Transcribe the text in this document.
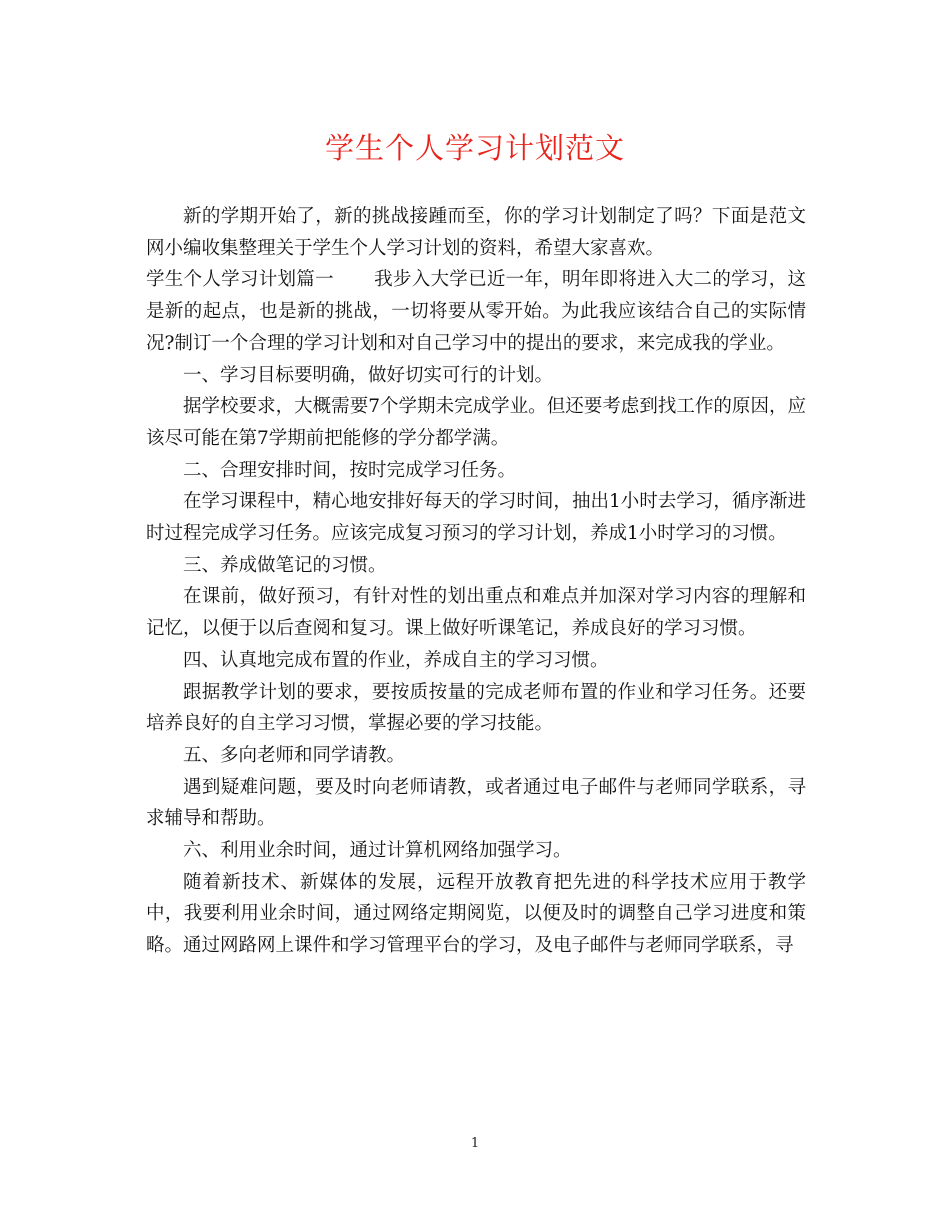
学生个人学习计划范文

新的学期开始了，新的挑战接踵而至，你的学习计划制定了吗？下面是范文网小编收集整理关于学生个人学习计划的资料，希望大家喜欢。

学生个人学习计划篇一 我步入大学已近一年，明年即将进入大二的学习，这是新的起点，也是新的挑战，一切将要从零开始。为此我应该结合自己的实际情况?制订一个合理的学习计划和对自己学习中的提出的要求，来完成我的学业。

一、学习目标要明确，做好切实可行的计划。

据学校要求，大概需要7个学期未完成学业。但还要考虑到找工作的原因，应该尽可能在第7学期前把能修的学分都学满。

二、合理安排时间，按时完成学习任务。

在学习课程中，精心地安排好每天的学习时间，抽出1小时去学习，循序渐进时过程完成学习任务。应该完成复习预习的学习计划，养成1小时学习的习惯。

三、养成做笔记的习惯。

在课前，做好预习，有针对性的划出重点和难点并加深对学习内容的理解和记忆，以便于以后查阅和复习。课上做好听课笔记，养成良好的学习习惯。

四、认真地完成布置的作业，养成自主的学习习惯。

跟据教学计划的要求，要按质按量的完成老师布置的作业和学习任务。还要培养良好的自主学习习惯，掌握必要的学习技能。

五、多向老师和同学请教。

遇到疑难问题，要及时向老师请教，或者通过电子邮件与老师同学联系，寻求辅导和帮助。

六、利用业余时间，通过计算机网络加强学习。

随着新技术、新媒体的发展，远程开放教育把先进的科学技术应用于教学中，我要利用业余时间，通过网络定期阅览，以便及时的调整自己学习进度和策略。通过网路网上课件和学习管理平台的学习，及电子邮件与老师同学联系，寻

1
